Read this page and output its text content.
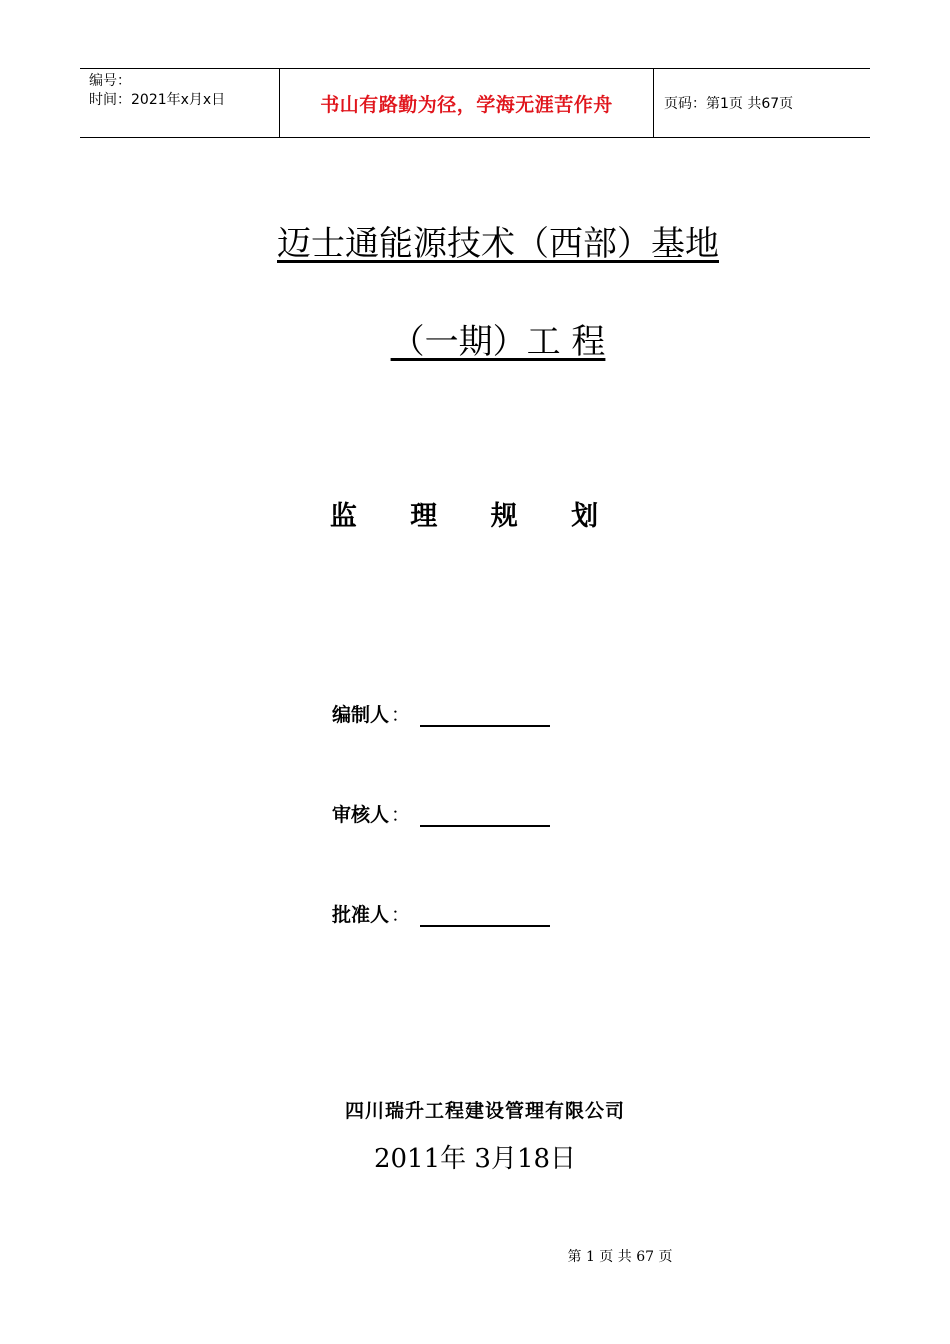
编号：
时间：2021年x月x日	书山有路勤为径，学海无涯苦作舟	页码：第1页 共67页
迈士通能源技术（西部）基地
（一期）工 程
监 理 规 划
编制人 ：
审核人 ：
批准人 ：
四川瑞升工程建设管理有限公司
2011年 3月18日
第 1 页 共 67 页
